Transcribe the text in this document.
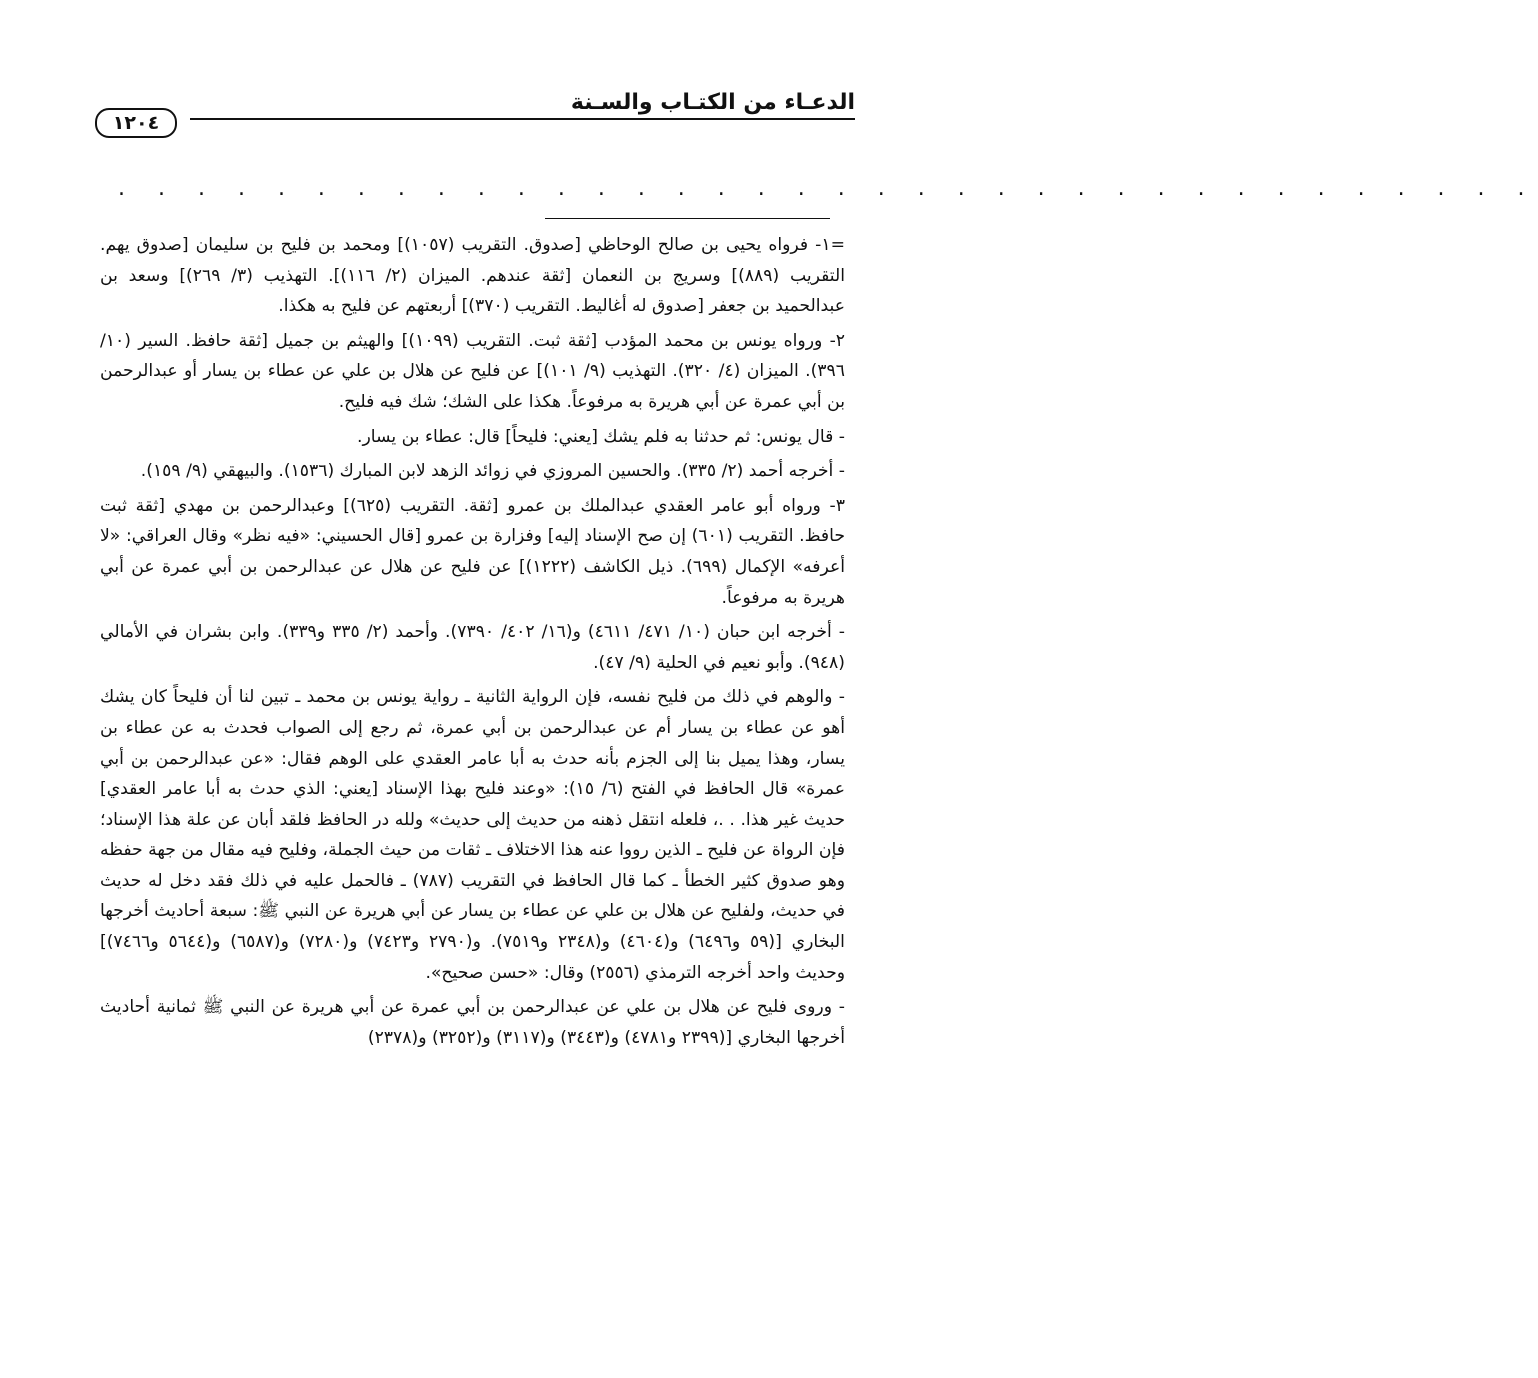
الدعـاء من الكتـاب والسـنة
١٢٠٤
. . . . . . . . . . . . . . . . . . . . . . . . . . . . . . . . . . . .

=١- فرواه يحيى بن صالح الوحاظي [صدوق. التقريب (١٠٥٧)] ومحمد بن فليح بن سليمان [صدوق يهم. التقريب (٨٨٩)] وسريج بن النعمان [ثقة عندهم. الميزان (٢/ ١١٦)]. التهذيب (٣/ ٢٦٩)] وسعد بن عبدالحميد بن جعفر [صدوق له أغاليط. التقريب (٣٧٠)] أربعتهم عن فليح به هكذا.

٢- ورواه يونس بن محمد المؤدب [ثقة ثبت. التقريب (١٠٩٩)] والهيثم بن جميل [ثقة حافظ. السير (١٠/ ٣٩٦). الميزان (٤/ ٣٢٠). التهذيب (٩/ ١٠١)] عن فليح عن هلال بن علي عن عطاء بن يسار أو عبدالرحمن بن أبي عمرة عن أبي هريرة به مرفوعاً. هكذا على الشك؛ شك فيه فليح.

- قال يونس: ثم حدثنا به فلم يشك [يعني: فليحاً] قال: عطاء بن يسار.

- أخرجه أحمد (٢/ ٣٣٥). والحسين المروزي في زوائد الزهد لابن المبارك (١٥٣٦). والبيهقي (٩/ ١٥٩).

٣- ورواه أبو عامر العقدي عبدالملك بن عمرو [ثقة. التقريب (٦٢٥)] وعبدالرحمن بن مهدي [ثقة ثبت حافظ. التقريب (٦٠١) إن صح الإسناد إليه] وفزارة بن عمرو [قال الحسيني: «فيه نظر» وقال العراقي: «لا أعرفه» الإكمال (٦٩٩). ذيل الكاشف (١٢٢٢)] عن فليح عن هلال عن عبدالرحمن بن أبي عمرة عن أبي هريرة به مرفوعاً.

- أخرجه ابن حبان (١٠/ ٤٧١/ ٤٦١١) و(١٦/ ٤٠٢/ ٧٣٩٠). وأحمد (٢/ ٣٣٥ و٣٣٩). وابن بشران في الأمالي (٩٤٨). وأبو نعيم في الحلية (٩/ ٤٧).

- والوهم في ذلك من فليح نفسه، فإن الرواية الثانية ـ رواية يونس بن محمد ـ تبين لنا أن فليحاً كان يشك أهو عن عطاء بن يسار أم عن عبدالرحمن بن أبي عمرة، ثم رجع إلى الصواب فحدث به عن عطاء بن يسار، وهذا يميل بنا إلى الجزم بأنه حدث به أبا عامر العقدي على الوهم فقال: «عن عبدالرحمن بن أبي عمرة» قال الحافظ في الفتح (٦/ ١٥): «وعند فليح بهذا الإسناد [يعني: الذي حدث به أبا عامر العقدي] حديث غير هذا. . .، فلعله انتقل ذهنه من حديث إلى حديث» ولله در الحافظ فلقد أبان عن علة هذا الإسناد؛ فإن الرواة عن فليح ـ الذين رووا عنه هذا الاختلاف ـ ثقات من حيث الجملة، وفليح فيه مقال من جهة حفظه وهو صدوق كثير الخطأ ـ كما قال الحافظ في التقريب (٧٨٧) ـ فالحمل عليه في ذلك فقد دخل له حديث في حديث، ولفليح عن هلال بن علي عن عطاء بن يسار عن أبي هريرة عن النبي ﷺ: سبعة أحاديث أخرجها البخاري [(٥٩ و٦٤٩٦) و(٤٦٠٤) و(٢٣٤٨ و٧٥١٩). و(٢٧٩٠ و٧٤٢٣) و(٧٢٨٠) و(٦٥٨٧) و(٥٦٤٤ و٧٤٦٦)] وحديث واحد أخرجه الترمذي (٢٥٥٦) وقال: «حسن صحيح».

- وروى فليح عن هلال بن علي عن عبدالرحمن بن أبي عمرة عن أبي هريرة عن النبي ﷺ ثمانية أحاديث أخرجها البخاري [(٢٣٩٩ و٤٧٨١) و(٣٤٤٣) و(٣١١٧) و(٣٢٥٢) و(٢٣٧٨)
